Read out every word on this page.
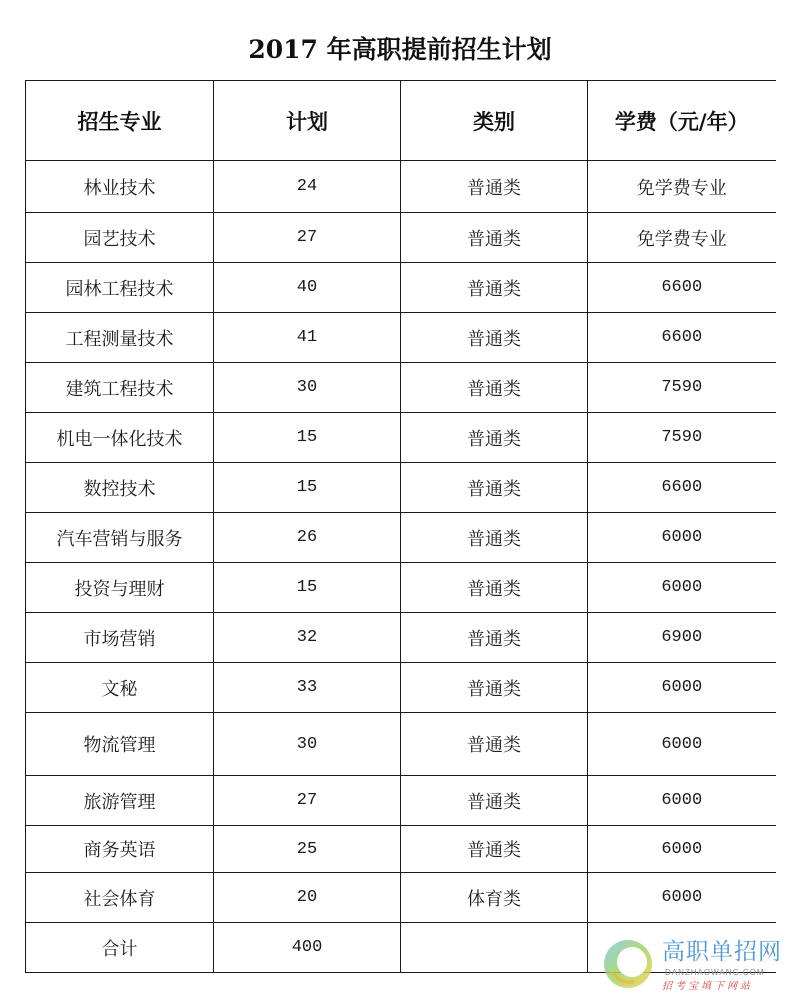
2017 年高职提前招生计划
招生专业	计划	类别	学费（元/年）
林业技术	24	普通类	免学费专业
园艺技术	27	普通类	免学费专业
园林工程技术	40	普通类	6600
工程测量技术	41	普通类	6600
建筑工程技术	30	普通类	7590
机电一体化技术	15	普通类	7590
数控技术	15	普通类	6600
汽车营销与服务	26	普通类	6000
投资与理财	15	普通类	6000
市场营销	32	普通类	6900
文秘	33	普通类	6000
物流管理	30	普通类	6000
旅游管理	27	普通类	6000
商务英语	25	普通类	6000
社会体育	20	体育类	6000
合计	400			高职单招网
DANZHAOWANG.COM
招考宝填下网站
